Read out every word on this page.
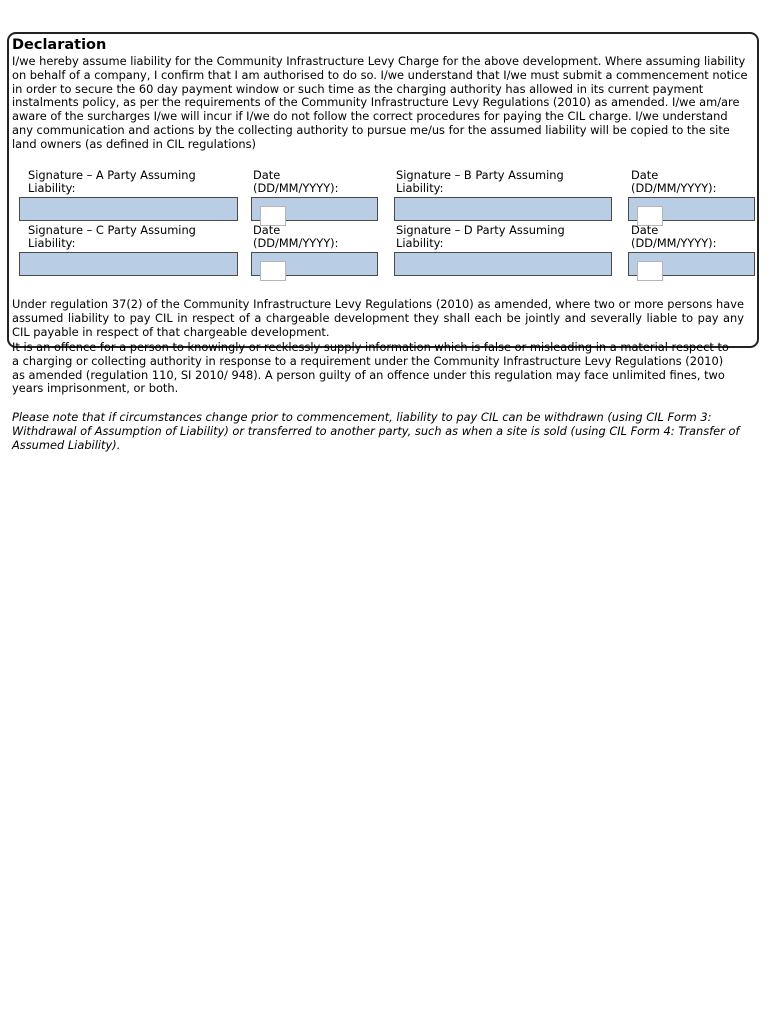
Declaration

I/we hereby assume liability for the Community Infrastructure Levy Charge for the above development. Where assuming liability on behalf of a company, I confirm that I am authorised to do so. I/we understand that I/we must submit a commencement notice in order to secure the 60 day payment window or such time as the charging authority has allowed in its current payment instalments policy, as per the requirements of the Community Infrastructure Levy Regulations (2010) as amended. I/we am/are aware of the surcharges I/we will incur if I/we do not follow the correct procedures for paying the CIL charge. I/we understand any communication and actions by the collecting authority to pursue me/us for the assumed liability will be copied to the site land owners (as defined in CIL regulations)

Signature – A Party Assuming
Liability:
Date
(DD/MM/YYYY):
Signature – B Party Assuming
Liability:
Date
(DD/MM/YYYY):
Signature – C Party Assuming
Liability:
Date
(DD/MM/YYYY):
Signature – D Party Assuming
Liability:
Date
(DD/MM/YYYY):

Under regulation 37(2) of the Community Infrastructure Levy Regulations (2010) as amended, where two or more persons have assumed liability to pay CIL in respect of a chargeable development they shall each be jointly and severally liable to pay any CIL payable in respect of that chargeable development.

It is an offence for a person to knowingly or recklessly supply information which is false or misleading in a material respect to a charging or collecting authority in response to a requirement under the Community Infrastructure Levy Regulations (2010) as amended (regulation 110, SI 2010/ 948). A person guilty of an offence under this regulation may face unlimited fines, two years imprisonment, or both.

Please note that if circumstances change prior to commencement, liability to pay CIL can be withdrawn (using CIL Form 3: Withdrawal of Assumption of Liability) or transferred to another party, such as when a site is sold (using CIL Form 4: Transfer of Assumed Liability).
